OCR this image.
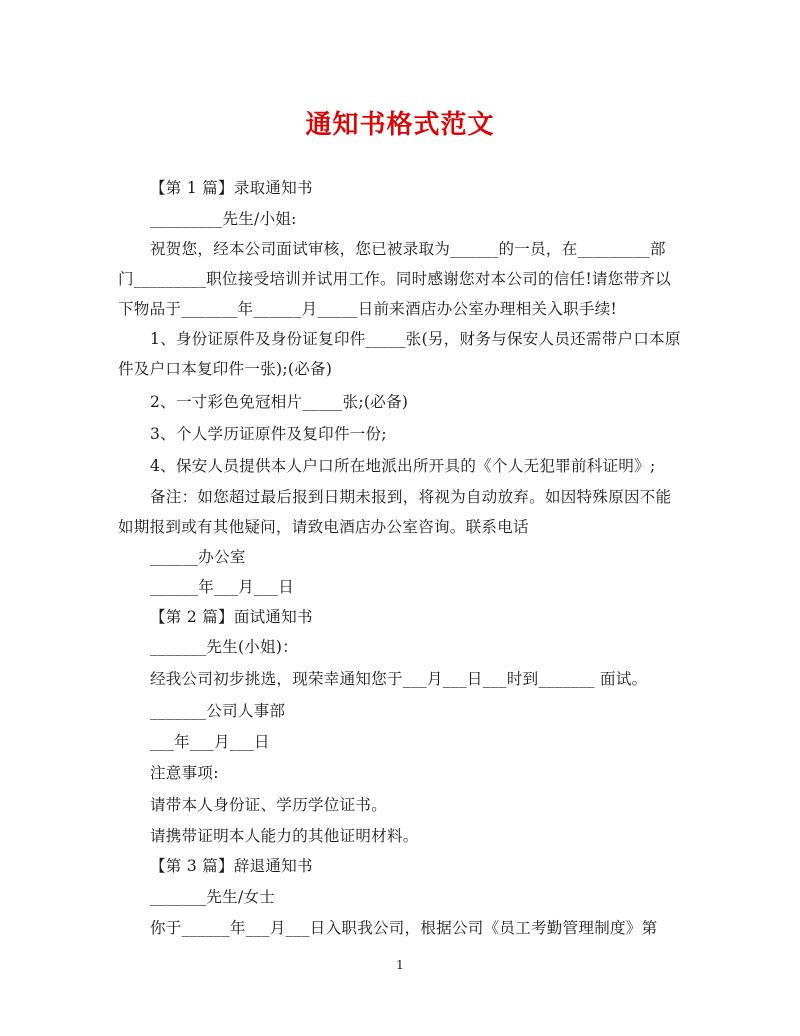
通知书格式范文
【第 1 篇】录取通知书
_________先生/小姐:
祝贺您，经本公司面试审核，您已被录取为______的一员，在_________部
门_________职位接受培训并试用工作。同时感谢您对本公司的信任!请您带齐以
下物品于_______年______月_____日前来酒店办公室办理相关入职手续!
1、身份证原件及身份证复印件_____张(另，财务与保安人员还需带户口本原
件及户口本复印件一张);(必备)
2、一寸彩色免冠相片_____张;(必备)
3、个人学历证原件及复印件一份;
4、保安人员提供本人户口所在地派出所开具的《个人无犯罪前科证明》;
备注：如您超过最后报到日期未报到，将视为自动放弃。如因特殊原因不能
如期报到或有其他疑问，请致电酒店办公室咨询。联系电话
______办公室
______年___月___日
【第 2 篇】面试通知书
_______先生(小姐)：
经我公司初步挑选，现荣幸通知您于___月___日___时到_______ 面试。
_______公司人事部
___年___月___日
注意事项:
请带本人身份证、学历学位证书。
请携带证明本人能力的其他证明材料。
【第 3 篇】辞退通知书
_______先生/女士
你于______年___月___日入职我公司，根据公司《员工考勤管理制度》第
1
